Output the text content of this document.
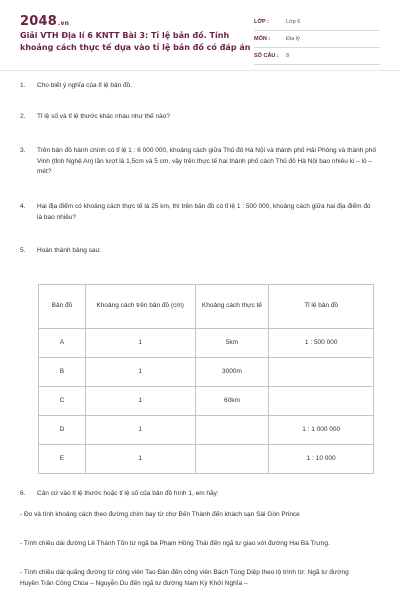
2048.vn
Giải VTH Địa lí 6 KNTT Bài 3: Tỉ lệ bản đồ. Tính khoảng cách thực tế dựa vào tỉ lệ bản đồ có đáp án
LỚP :	Lớp 6
MÔN :	Địa lý
SỐ CÂU : 8
1.	Cho biết ý nghĩa của tỉ lệ bản đồ.
2.	Tỉ lệ số và tỉ lệ thước khác nhau như thế nào?
3.	Trên bản đồ hành chính có tỉ lệ 1 : 6 000 000, khoảng cách giữa Thủ đô Hà Nội và thành phố Hải Phòng và thành phố Vinh (tỉnh Nghệ An) lần lượt là 1,5cm và 5 cm, vậy trên thực tế hai thành phố cách Thủ đô Hà Nội bao nhiêu ki – lô – mét?
4.	Hai địa điểm có khoảng cách thực tế là 25 km, thì trên bản đồ có tỉ lệ 1 : 500 000, khoảng cách giữa hai địa điểm đó là bao nhiêu?
5.	Hoàn thành bảng sau:
Bản đồ	Khoảng cách trên bản đồ (cm)	Khoảng cách thực tế	Tỉ lệ bản đồ
A	1	5km	1 : 500 000
B	1	3000m	
C	1	60km	
D	1		1 : 1 000 000
E	1		1 : 10 000
6. Căn cứ vào tỉ lệ thước hoặc tỉ lệ số của bản đồ hình 1, em hãy:
- Đo và tính khoảng cách theo đường chim bay từ chợ Bến Thành đến khách sạn Sài Gòn Prince
- Tính chiều dài đường Lê Thánh Tôn từ ngã ba Phạm Hồng Thái đến ngã tư giao với đường Hai Bà Trưng.
- Tính chiều dài quãng đường từ công viên Tao Đàn đến công viên Bách Tùng Diệp theo lộ trình từ: Ngã tư đường Huyền Trân Công Chúa – Nguyễn Du đến ngã tư đường Nam Kỳ Khởi Nghĩa –
